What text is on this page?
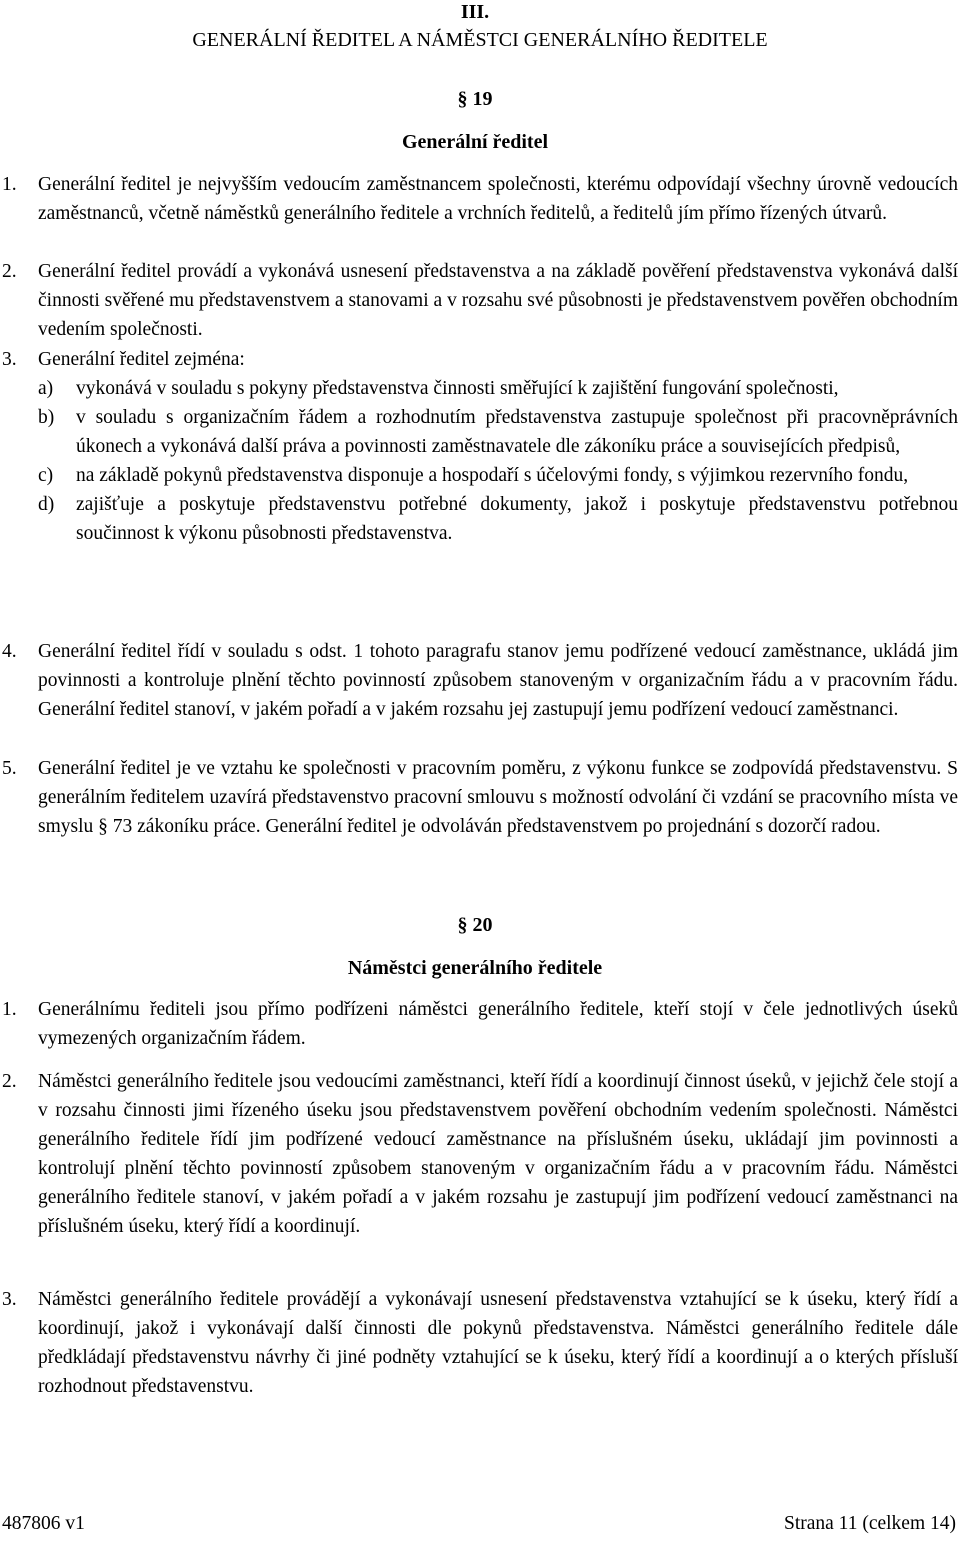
III.
GENERÁLNÍ ŘEDITEL A NÁMĚSTCI GENERÁLNÍHO ŘEDITELE
§ 19
Generální ředitel
1. Generální ředitel je nejvyšším vedoucím zaměstnancem společnosti, kterému odpovídají všechny úrovně vedoucích zaměstnanců, včetně náměstků generálního ředitele a vrchních ředitelů, a ředitelů jím přímo řízených útvarů.
2. Generální ředitel provádí a vykonává usnesení představenstva a na základě pověření představenstva vykonává další činnosti svěřené mu představenstvem a stanovami a v rozsahu své působnosti je představenstvem pověřen obchodním vedením společnosti.
3. Generální ředitel zejména:
a) vykonává v souladu s pokyny představenstva činnosti směřující k zajištění fungování společnosti,
b) v souladu s organizačním řádem a rozhodnutím představenstva zastupuje společnost při pracovněprávních úkonech a vykonává další práva a povinnosti zaměstnavatele dle zákoníku práce a souvisejících předpisů,
c) na základě pokynů představenstva disponuje a hospodaří s účelovými fondy, s výjimkou rezervního fondu,
d) zajišťuje a poskytuje představenstvu potřebné dokumenty, jakož i poskytuje představenstvu potřebnou součinnost k výkonu působnosti představenstva.
4. Generální ředitel řídí v souladu s odst. 1 tohoto paragrafu stanov jemu podřízené vedoucí zaměstnance, ukládá jim povinnosti a kontroluje plnění těchto povinností způsobem stanoveným v organizačním řádu a v pracovním řádu. Generální ředitel stanoví, v jakém pořadí a v jakém rozsahu jej zastupují jemu podřízení vedoucí zaměstnanci.
5. Generální ředitel je ve vztahu ke společnosti v pracovním poměru, z výkonu funkce se zodpovídá představenstvu. S generálním ředitelem uzavírá představenstvo pracovní smlouvu s možností odvolání či vzdání se pracovního místa ve smyslu § 73 zákoníku práce. Generální ředitel je odvoláván představenstvem po projednání s dozorčí radou.
§ 20
Náměstci generálního ředitele
1. Generálnímu řediteli jsou přímo podřízeni náměstci generálního ředitele, kteří stojí v čele jednotlivých úseků vymezených organizačním řádem.
2. Náměstci generálního ředitele jsou vedoucími zaměstnanci, kteří řídí a koordinují činnost úseků, v jejichž čele stojí a v rozsahu činnosti jimi řízeného úseku jsou představenstvem pověření obchodním vedením společnosti. Náměstci generálního ředitele řídí jim podřízené vedoucí zaměstnance na příslušném úseku, ukládají jim povinnosti a kontrolují plnění těchto povinností způsobem stanoveným v organizačním řádu a v pracovním řádu. Náměstci generálního ředitele stanoví, v jakém pořadí a v jakém rozsahu je zastupují jim podřízení vedoucí zaměstnanci na příslušném úseku, který řídí a koordinují.
3. Náměstci generálního ředitele provádějí a vykonávají usnesení představenstva vztahující se k úseku, který řídí a koordinují, jakož i vykonávají další činnosti dle pokynů představenstva. Náměstci generálního ředitele dále předkládají představenstvu návrhy či jiné podněty vztahující se k úseku, který řídí a koordinují a o kterých přísluší rozhodnout představenstvu.
487806 v1	Strana 11 (celkem 14)
